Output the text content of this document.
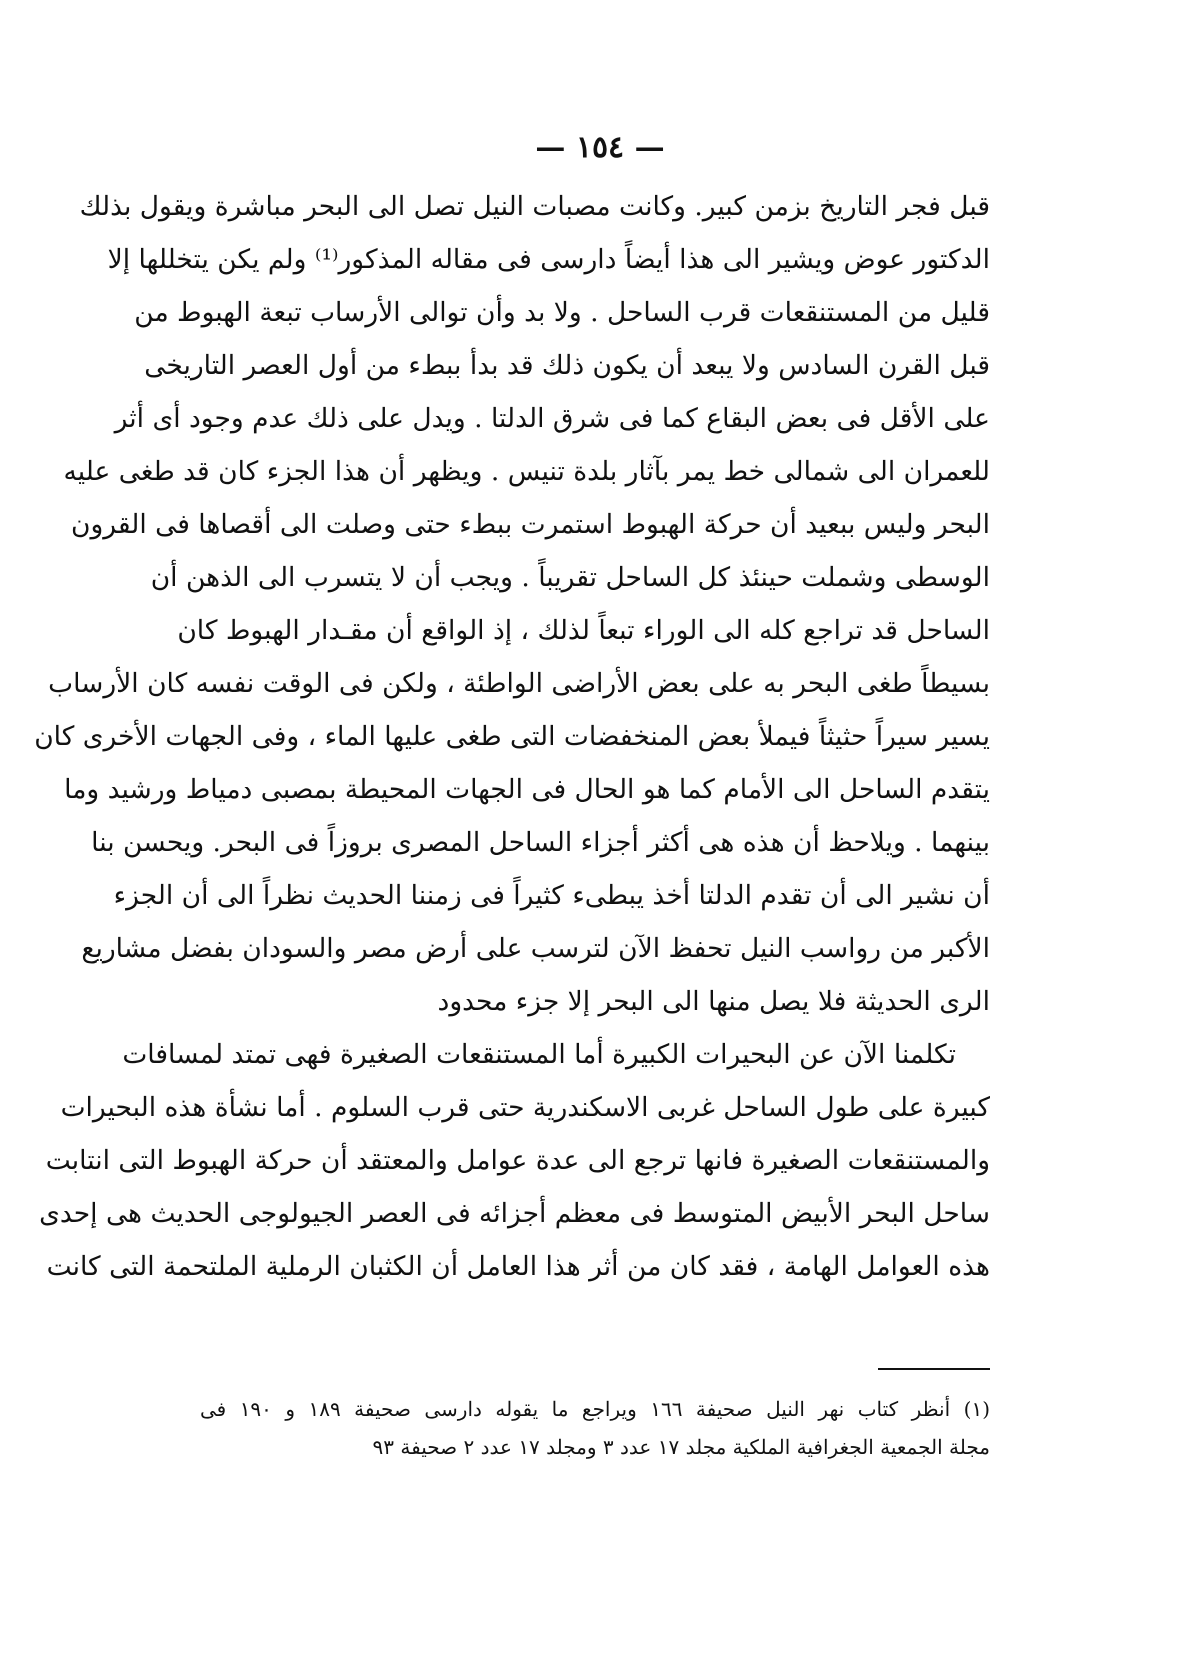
— ١٥٤ —
قبل فجر التاريخ بزمن كبير. وكانت مصبات النيل تصل الى البحر مباشرة ويقول بذلك
الدكتور عوض ويشير الى هذا أيضاً دارسى فى مقاله المذكور⁽¹⁾ ولم يكن يتخللها إلا
قليل من المستنقعات قرب الساحل . ولا بد وأن توالى الأرساب تبعة الهبوط من
قبل القرن السادس ولا يبعد أن يكون ذلك قد بدأ ببطء من أول العصر التاريخى
على الأقل فى بعض البقاع كما فى شرق الدلتا . ويدل على ذلك عدم وجود أى أثر
للعمران الى شمالى خط يمر بآثار بلدة تنيس . ويظهر أن هذا الجزء كان قد طغى عليه
البحر وليس ببعيد أن حركة الهبوط استمرت ببطء حتى وصلت الى أقصاها فى القرون
الوسطى وشملت حينئذ كل الساحل تقريباً . ويجب أن لا يتسرب الى الذهن أن
الساحل قد تراجع كله الى الوراء تبعاً لذلك ، إذ الواقع أن مقـدار الهبوط كان
بسيطاً طغى البحر به على بعض الأراضى الواطئة ، ولكن فى الوقت نفسه كان الأرساب
يسير سيراً حثيثاً فيملأ بعض المنخفضات التى طغى عليها الماء ، وفى الجهات الأخرى كان
يتقدم الساحل الى الأمام كما هو الحال فى الجهات المحيطة بمصبى دمياط ورشيد وما
بينهما . ويلاحظ أن هذه هى أكثر أجزاء الساحل المصرى بروزاً فى البحر. ويحسن بنا
أن نشير الى أن تقدم الدلتا أخذ يبطىء كثيراً فى زمننا الحديث نظراً الى أن الجزء
الأكبر من رواسب النيل تحفظ الآن لترسب على أرض مصر والسودان بفضل مشاريع
الرى الحديثة فلا يصل منها الى البحر إلا جزء محدود
تكلمنا الآن عن البحيرات الكبيرة أما المستنقعات الصغيرة فهى تمتد لمسافات
كبيرة على طول الساحل غربى الاسكندرية حتى قرب السلوم . أما نشأة هذه البحيرات
والمستنقعات الصغيرة فانها ترجع الى عدة عوامل والمعتقد أن حركة الهبوط التى انتابت
ساحل البحر الأبيض المتوسط فى معظم أجزائه فى العصر الجيولوجى الحديث هى إحدى
هذه العوامل الهامة ، فقد كان من أثر هذا العامل أن الكثبان الرملية الملتحمة التى كانت
(١) أنظر كتاب نهر النيل صحيفة ١٦٦ ويراجع ما يقوله دارسى صحيفة ١٨٩ و ١٩٠ فى
مجلة الجمعية الجغرافية الملكية مجلد ١٧ عدد ٣ ومجلد ١٧ عدد ٢ صحيفة ٩٣
